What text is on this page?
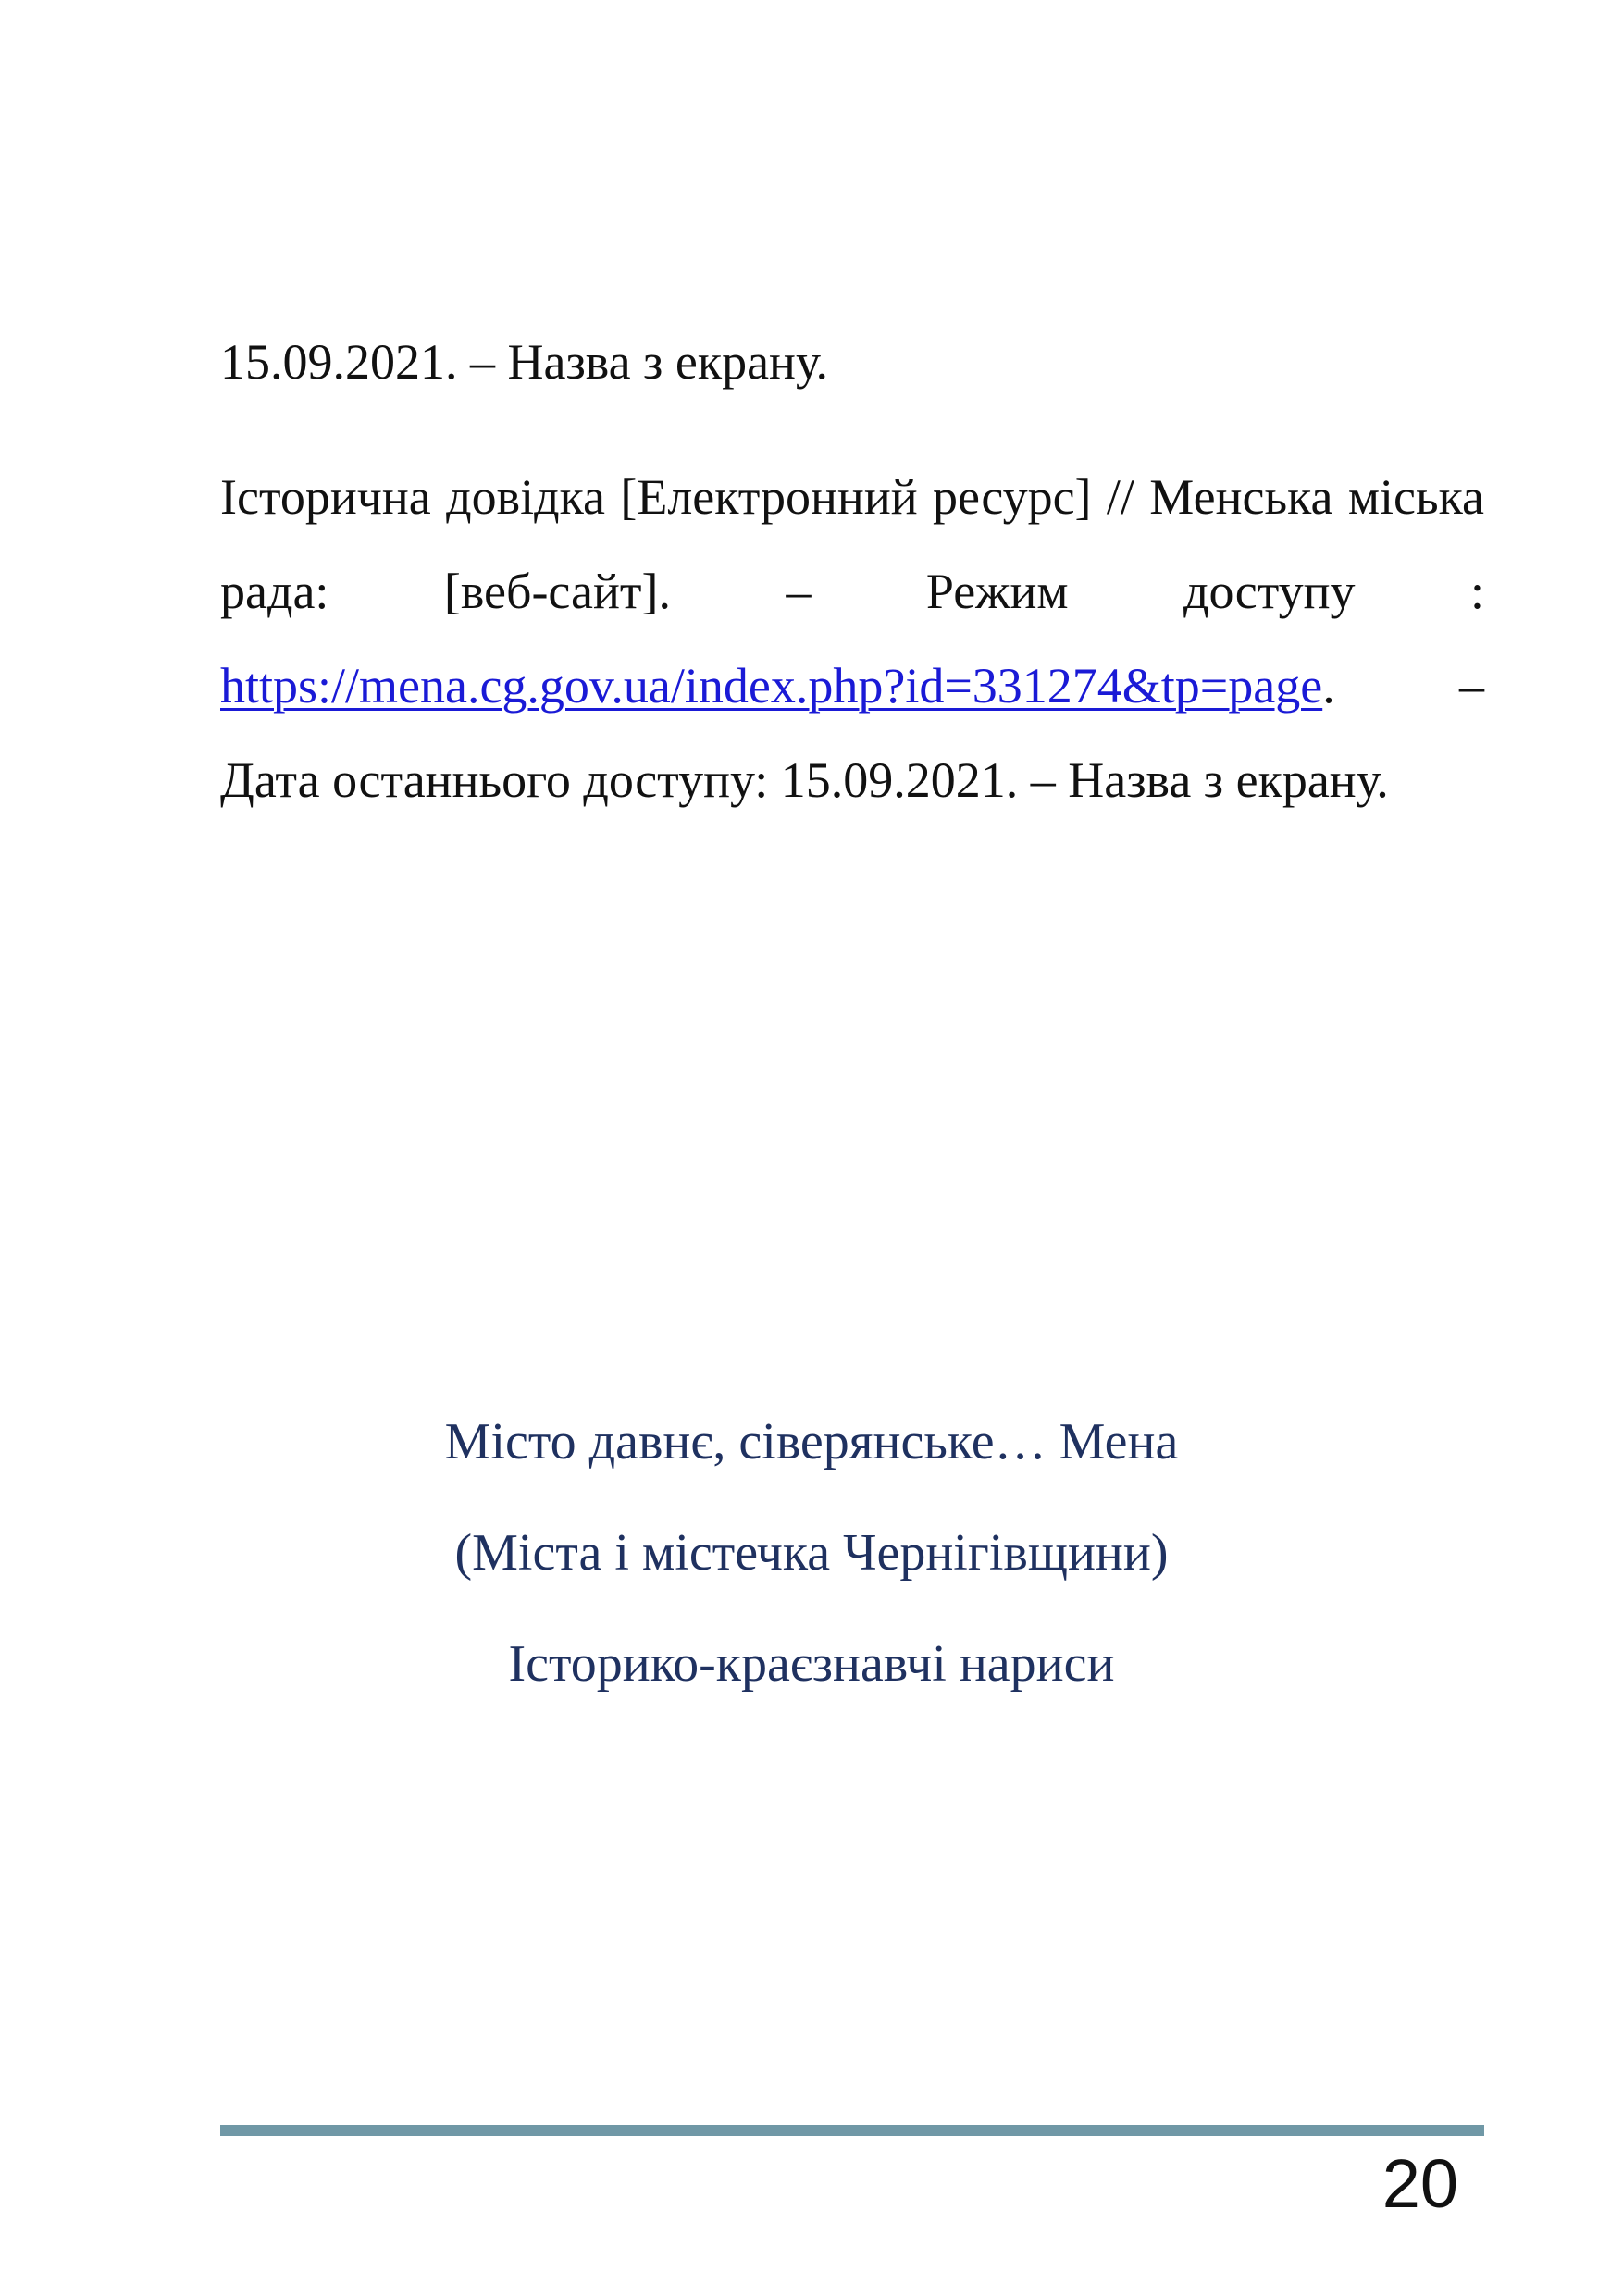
15.09.2021. – Назва з екрану.
Історична довідка [Електронний ресурс] // Менська міська рада: [веб-сайт]. – Режим доступу : https://mena.cg.gov.ua/index.php?id=331274&tp=page. – Дата останнього доступу: 15.09.2021. – Назва з екрану.
Місто давнє, сіверянське… Мена
(Міста і містечка Чернігівщини)
Історико-краєзнавчі нариси
20
